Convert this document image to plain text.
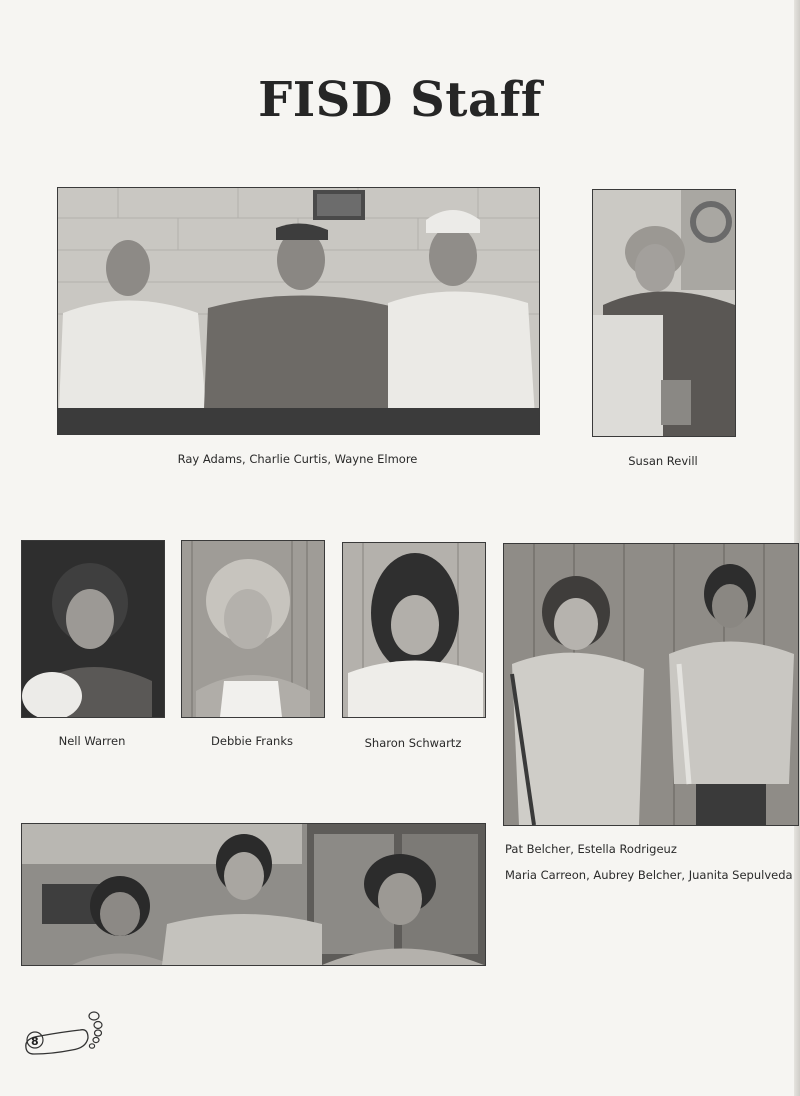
FISD Staff
Ray Adams, Charlie Curtis, Wayne Elmore	Susan Revill
Nell Warren	Debbie Franks	Sharon Schwartz
Pat Belcher, Estella Rodrigeuz
Maria Carreon, Aubrey Belcher, Juanita Sepulveda
8
